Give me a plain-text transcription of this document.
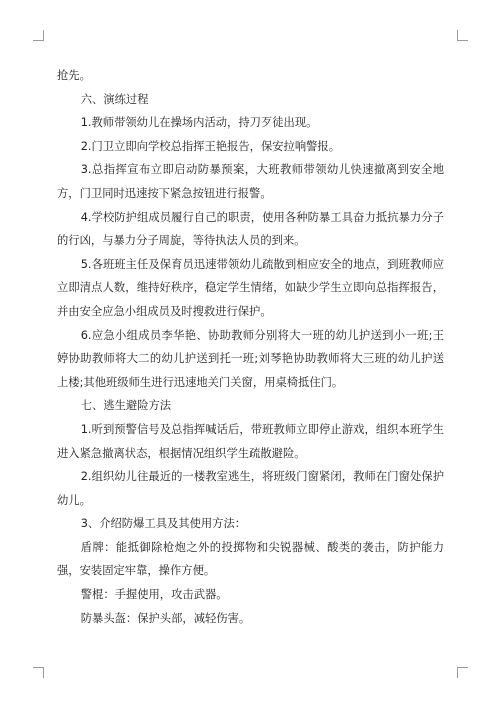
抢先。

六、演练过程

1.教师带领幼儿在操场内活动，持刀歹徒出现。

2.门卫立即向学校总指挥王艳报告，保安拉响警报。

3.总指挥宣布立即启动防暴预案，大班教师带领幼儿快速撤离到安全地方，门卫同时迅速按下紧急按钮进行报警。

4.学校防护组成员履行自己的职责，使用各种防暴工具奋力抵抗暴力分子的行凶，与暴力分子周旋，等待执法人员的到来。

5.各班班主任及保育员迅速带领幼儿疏散到相应安全的地点，到班教师应立即清点人数，维持好秩序，稳定学生情绪，如缺少学生立即向总指挥报告，并由安全应急小组成员及时搜救进行保护。

6.应急小组成员李华艳、协助教师分别将大一班的幼儿护送到小一班;王婷协助教师将大二的幼儿护送到托一班;刘琴艳协助教师将大三班的幼儿护送上楼;其他班级师生进行迅速地关门关窗，用桌椅抵住门。

七、逃生避险方法

1.听到预警信号及总指挥喊话后，带班教师立即停止游戏，组织本班学生进入紧急撤离状态，根据情况组织学生疏散避险。

2.组织幼儿往最近的一楼教室逃生，将班级门窗紧闭，教师在门窗处保护幼儿。

3、介绍防爆工具及其使用方法：

盾牌：能抵御除枪炮之外的投掷物和尖锐器械、酸类的袭击，防护能力强，安装固定牢靠，操作方便。

警棍：手握使用，攻击武器。

防暴头盔：保护头部，减轻伤害。
